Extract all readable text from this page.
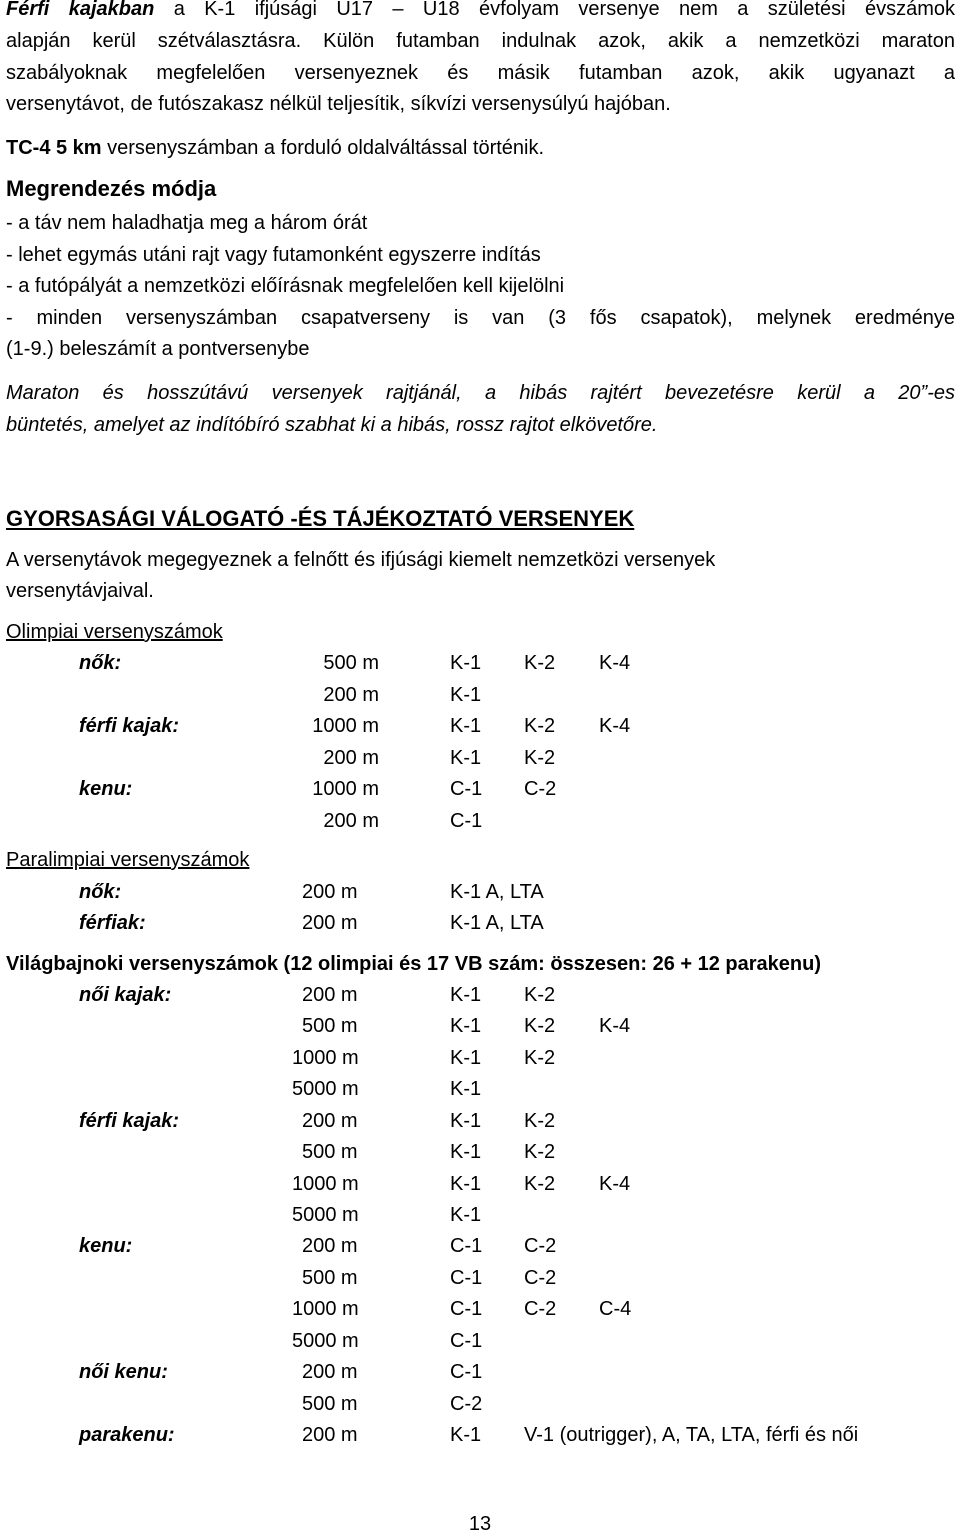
Férfi kajakban a K-1 ifjúsági U17 – U18 évfolyam versenye nem a születési évszámok
alapján kerül szétválasztásra. Külön futamban indulnak azok, akik a nemzetközi maraton
szabályoknak megfelelően versenyeznek és másik futamban azok, akik ugyanazt a
versenytávot, de futószakasz nélkül teljesítik, síkvízi versenysúlyú hajóban.
TC-4 5 km versenyszámban a forduló oldalváltással történik.
Megrendezés módja
- a táv nem haladhatja meg a három órát
- lehet egymás utáni rajt vagy futamonként egyszerre indítás
- a futópályát a nemzetközi előírásnak megfelelően kell kijelölni
- minden versenyszámban csapatverseny is van (3 fős csapatok), melynek eredménye
(1-9.) beleszámít a pontversenybe
Maraton és hosszútávú versenyek rajtjánál, a hibás rajtért bevezetésre kerül a 20”-es
büntetés, amelyet az indítóbíró szabhat ki a hibás, rossz rajtot elkövetőre.
GYORSASÁGI VÁLOGATÓ -ÉS TÁJÉKOZTATÓ VERSENYEK
A versenytávok megegyeznek a felnőtt és ifjúsági kiemelt nemzetközi versenyek
versenytávjaival.
Olimpiai versenyszámok
nők:	500 m	K-1 K-2 K-4
200 m	K-1
férfi kajak:	1000 m	K-1 K-2 K-4
200 m	K-1 K-2
kenu:	1000 m	C-1 C-2
200 m	C-1
Paralimpiai versenyszámok
nők:	200 m	K-1 A, LTA
férfiak:	200 m	K-1 A, LTA
Világbajnoki versenyszámok (12 olimpiai és 17 VB szám: összesen: 26 + 12 parakenu)
női kajak:	200 m	K-1 K-2
500 m	K-1 K-2 K-4
1000 m	K-1 K-2
5000 m	K-1
férfi kajak:	200 m	K-1 K-2
500 m	K-1 K-2
1000 m	K-1 K-2 K-4
5000 m	K-1
kenu:	200 m	C-1 C-2
500 m	C-1 C-2
1000 m	C-1 C-2 C-4
5000 m	C-1
női kenu:	200 m	C-1
500 m	C-2
parakenu:	200 m	K-1 V-1 (outrigger), A, TA, LTA, férfi és női
13
